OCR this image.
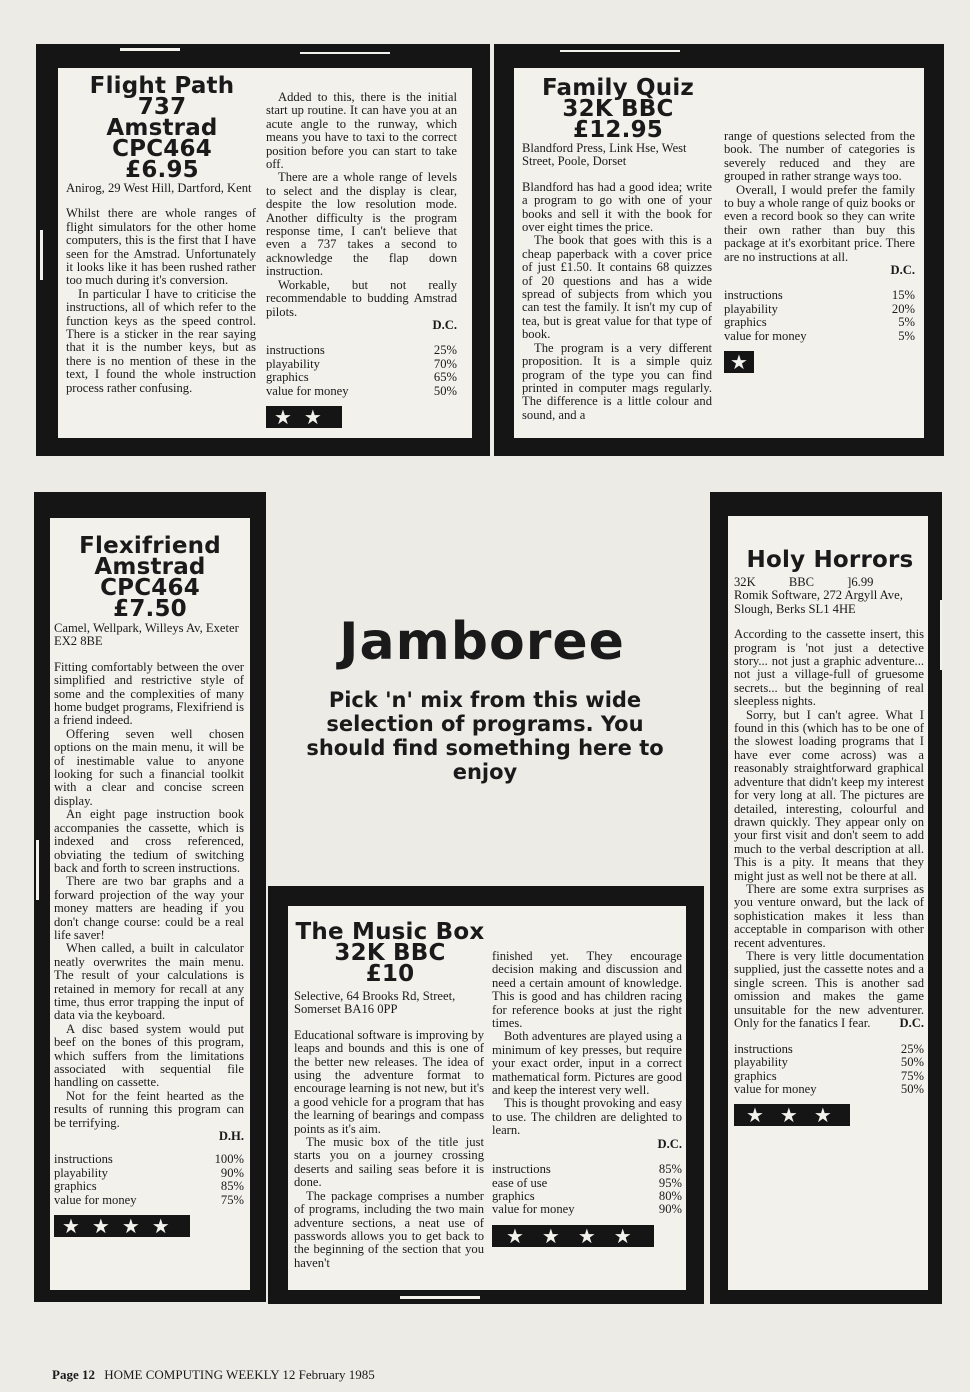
Flight Path
737
Amstrad
CPC464
£6.95

Anirog, 29 West Hill, Dartford, Kent

Whilst there are whole ranges of flight simulators for the other home computers, this is the first that I have seen for the Amstrad. Unfortunately it looks like it has been rushed rather too much during it's conversion.

In particular I have to criticise the instructions, all of which refer to the function keys as the speed control. There is a sticker in the rear saying that it is the number keys, but as there is no mention of these in the text, I found the whole instruction process rather confusing.

Added to this, there is the initial start up routine. It can have you at an acute angle to the runway, which means you have to taxi to the correct position before you can start to take off.

There are a whole range of levels to select and the display is clear, despite the low resolution mode. Another difficulty is the program response time, I can't believe that even a 737 takes a second to acknowledge the flap down instruction.

Workable, but not really recommendable to budding Amstrad pilots.

D.C.

instructions	25%
playability	70%
graphics	65%
value for money	50%
★★
Family Quiz
32K BBC
£12.95

Blandford Press, Link Hse, West Street, Poole, Dorset

Blandford has had a good idea; write a program to go with one of your books and sell it with the book for over eight times the price.

The book that goes with this is a cheap paperback with a cover price of just £1.50. It contains 68 quizzes of 20 questions and has a wide spread of subjects from which you can test the family. It isn't my cup of tea, but is great value for that type of book.

The program is a very different proposition. It is a simple quiz program of the type you can find printed in computer mags regularly. The difference is a little colour and sound, and a

range of questions selected from the book. The number of categories is severely reduced and they are grouped in rather strange ways too.

Overall, I would prefer the family to buy a whole range of quiz books or even a record book so they can write their own rather than buy this package at it's exorbitant price. There are no instructions at all.

D.C.

instructions	15%
playability	20%
graphics	5%
value for money	5%
★
Jamboree
Pick 'n' mix from this wide selection of programs. You should find something here to enjoy
Flexifriend
Amstrad
CPC464
£7.50

Camel, Wellpark, Willeys Av, Exeter EX2 8BE

Fitting comfortably between the over simplified and restrictive style of some and the complexities of many home budget programs, Flexifriend is a friend indeed.

Offering seven well chosen options on the main menu, it will be of inestimable value to anyone looking for such a financial toolkit with a clear and concise screen display.

An eight page instruction book accompanies the cassette, which is indexed and cross referenced, obviating the tedium of switching back and forth to screen instructions.

There are two bar graphs and a forward projection of the way your money matters are heading if you don't change course: could be a real life saver!

When called, a built in calculator neatly overwrites the main menu. The result of your calculations is retained in memory for recall at any time, thus error trapping the input of data via the keyboard.

A disc based system would put beef on the bones of this program, which suffers from the limitations associated with sequential file handling on cassette.

Not for the feint hearted as the results of running this program can be terrifying.

D.H.

instructions	100%
playability	90%
graphics	85%
value for money	75%
★★★★
The Music Box
32K BBC
£10

Selective, 64 Brooks Rd, Street, Somerset BA16 0PP

Educational software is improving by leaps and bounds and this is one of the better new releases. The idea of using the adventure format to encourage learning is not new, but it's a good vehicle for a program that has the learning of bearings and compass points as it's aim.

The music box of the title just starts you on a journey crossing deserts and sailing seas before it is done.

The package comprises a number of programs, including the two main adventure sections, a neat use of passwords allows you to get back to the beginning of the section that you haven't

finished yet. They encourage decision making and discussion and need a certain amount of knowledge. This is good and has children racing for reference books at just the right times.

Both adventures are played using a minimum of key presses, but require your exact order, input in a correct mathematical form. Pictures are good and keep the interest very well.

This is thought provoking and easy to use. The children are delighted to learn.

D.C.

instructions	85%
ease of use	95%
graphics	80%
value for money	90%
★★★★
Holy Horrors

32K BBC ]6.99

Romik Software, 272 Argyll Ave, Slough, Berks SL1 4HE

According to the cassette insert, this program is 'not just a detective story... not just a graphic adventure... not just a village-full of gruesome secrets... but the beginning of real sleepless nights.

Sorry, but I can't agree. What I found in this (which has to be one of the slowest loading programs that I have ever come across) was a reasonably straightforward graphical adventure that didn't keep my interest for very long at all. The pictures are detailed, interesting, colourful and drawn quickly. They appear only on your first visit and don't seem to add much to the verbal description at all. This is a pity. It means that they might just as well not be there at all.

There are some extra surprises as you venture onward, but the lack of sophistication makes it less than acceptable in comparison with other recent adventures.

There is very little documentation supplied, just the cassette notes and a single screen. This is another sad omission and makes the game unsuitable for the new adventurer. Only for the fanatics I fear.	D.C.

instructions	25%
playability	50%
graphics	75%
value for money	50%
★★★
Page 12 HOME COMPUTING WEEKLY 12 February 1985
